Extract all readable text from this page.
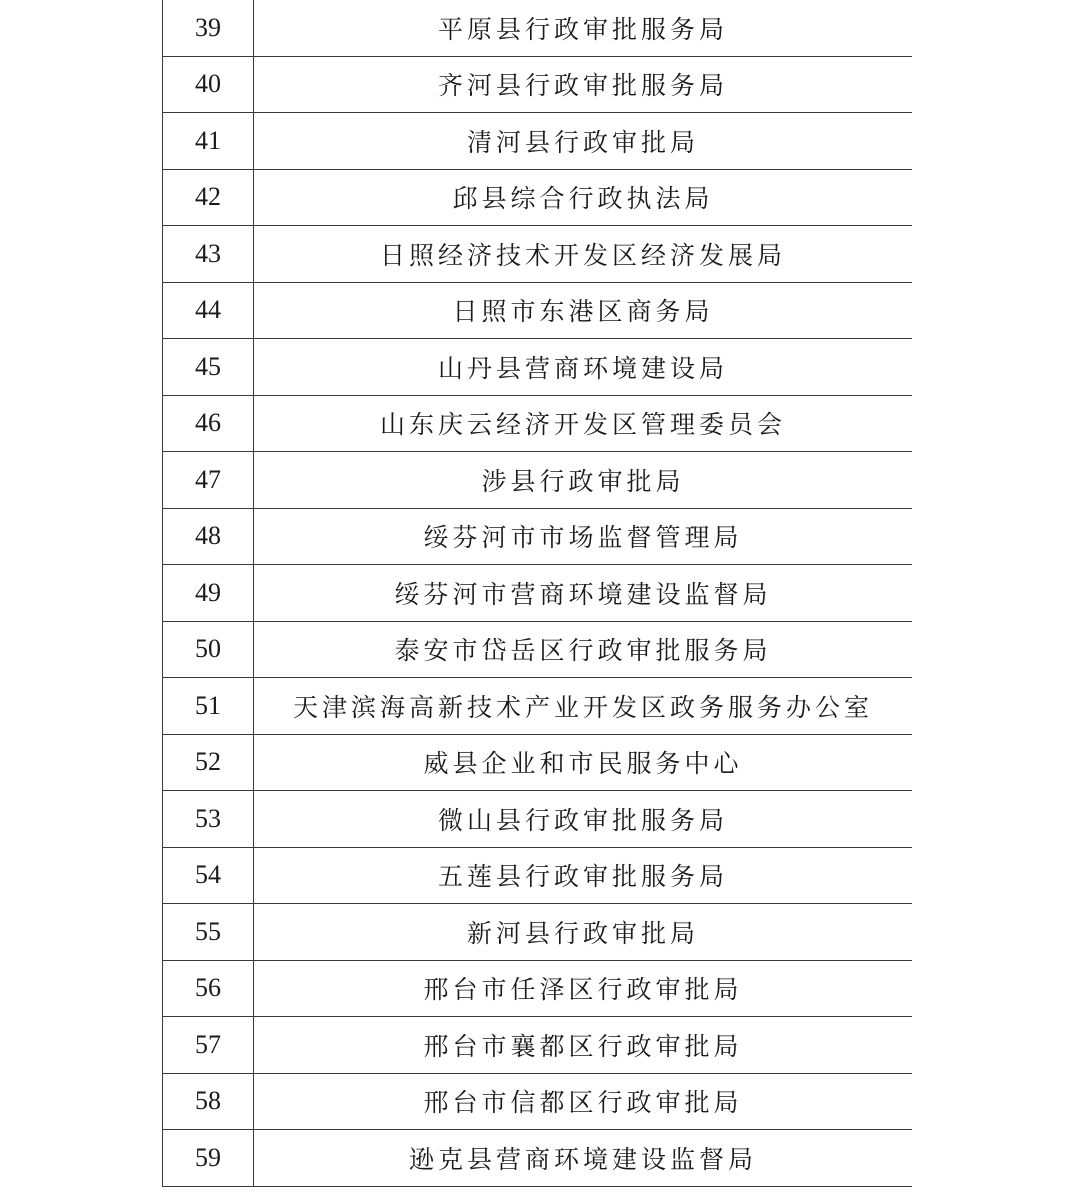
39	平原县行政审批服务局
40	齐河县行政审批服务局
41	清河县行政审批局
42	邱县综合行政执法局
43	日照经济技术开发区经济发展局
44	日照市东港区商务局
45	山丹县营商环境建设局
46	山东庆云经济开发区管理委员会
47	涉县行政审批局
48	绥芬河市市场监督管理局
49	绥芬河市营商环境建设监督局
50	泰安市岱岳区行政审批服务局
51	天津滨海高新技术产业开发区政务服务办公室
52	威县企业和市民服务中心
53	微山县行政审批服务局
54	五莲县行政审批服务局
55	新河县行政审批局
56	邢台市任泽区行政审批局
57	邢台市襄都区行政审批局
58	邢台市信都区行政审批局
59	逊克县营商环境建设监督局
